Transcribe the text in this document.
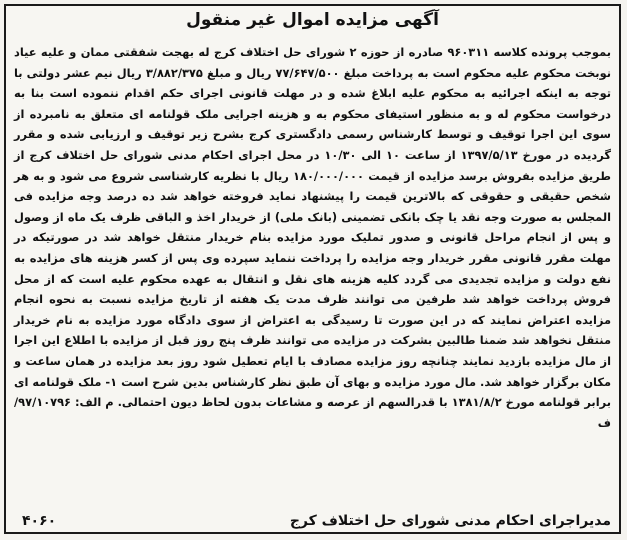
آگهی مزایده اموال غیر منقول
بموجب پرونده کلاسه ۹۶۰۳۱۱ صادره از حوزه ۲ شورای حل اختلاف کرج له بهجت شفقتی ممان و علیه عیاد نوبخت محکوم علیه محکوم است به پرداخت مبلغ ۷۷/۶۴۷/۵۰۰ ریال و مبلغ ۳/۸۸۲/۳۷۵ ریال نیم عشر دولتی با توجه به اینکه اجرائیه به محکوم علیه ابلاغ شده و در مهلت قانونی اجرای حکم اقدام ننموده است بنا به درخواست محکوم له و به منظور استیفای محکوم به و هزینه اجرایی ملک قولنامه ای متعلق به نامبرده از سوی این اجرا توقیف و توسط کارشناس رسمی دادگستری کرج بشرح زیر توقیف و ارزیابی شده و مقرر گردیده در مورخ ۱۳۹۷/۵/۱۳ از ساعت ۱۰ الی ۱۰/۳۰ در محل اجرای احکام مدنی شورای حل اختلاف کرج از طریق مزایده بفروش برسد مزایده از قیمت ۱۸۰/۰۰۰/۰۰۰ ریال با نظریه کارشناسی شروع می شود و به هر شخص حقیقی و حقوقی که بالاترین قیمت را پیشنهاد نماید فروخته خواهد شد ده درصد وجه مزایده فی المجلس به صورت وجه نقد یا چک بانکی تضمینی (بانک ملی) از خریدار اخذ و الباقی ظرف یک ماه از وصول و پس از انجام مراحل قانونی و صدور تملیک مورد مزایده بنام خریدار منتقل خواهد شد در صورتیکه در مهلت مقرر قانونی مقرر خریدار وجه مزایده را پرداخت ننماید سپرده وی پس از کسر هزینه های مزایده به نفع دولت و مزایده تجدیدی می گردد کلیه هزینه های نقل و انتقال به عهده محکوم علیه است که از محل فروش پرداخت خواهد شد طرفین می توانند ظرف مدت یک هفته از تاریخ مزایده نسبت به نحوه انجام مزایده اعتراض نمایند که در این صورت تا رسیدگی به اعتراض از سوی دادگاه مورد مزایده به نام خریدار منتقل نخواهد شد ضمنا طالبین بشرکت در مزایده می توانند ظرف پنج روز قبل از مزایده با اطلاع این اجرا از مال مزایده بازدید نمایند چنانچه روز مزایده مصادف با ایام تعطیل شود روز بعد مزایده در همان ساعت و مکان برگزار خواهد شد. مال مورد مزایده و بهای آن طبق نظر کارشناس بدین شرح است ۱- ملک قولنامه ای برابر قولنامه مورخ ۱۳۸۱/۸/۲ با قدرالسهم از عرصه و مشاعات بدون لحاظ دیون احتمالی. م الف: ۹۷/۱۰۷۹۶/ف
مدیراجرای احکام مدنی شورای حل اختلاف کرج
۴۰۶۰
